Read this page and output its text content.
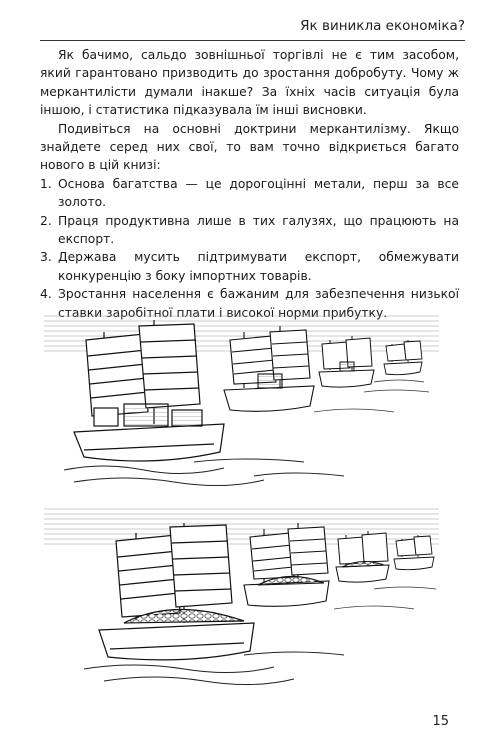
Як виникла економіка?

Як бачимо, сальдо зовнішньої торгівлі не є тим засобом, який гарантовано призводить до зростання добробуту. Чому ж меркантилісти думали інакше? За їхніх часів ситуація була іншою, і статистика підказувала їм інші висновки.

Подивіться на основні доктрини меркантилізму. Якщо знайдете серед них свої, то вам точно відкриється багато нового в цій книзі:

1. Основа багатства — це дорогоцінні метали, перш за все золото.
2. Праця продуктивна лише в тих галузях, що працюють на експорт.
3. Держава мусить підтримувати експорт, обмежувати конкуренцію з боку імпортних товарів.
4. Зростання населення є бажаним для забезпечення низької ставки заробітної плати і високої норми прибутку.
15
